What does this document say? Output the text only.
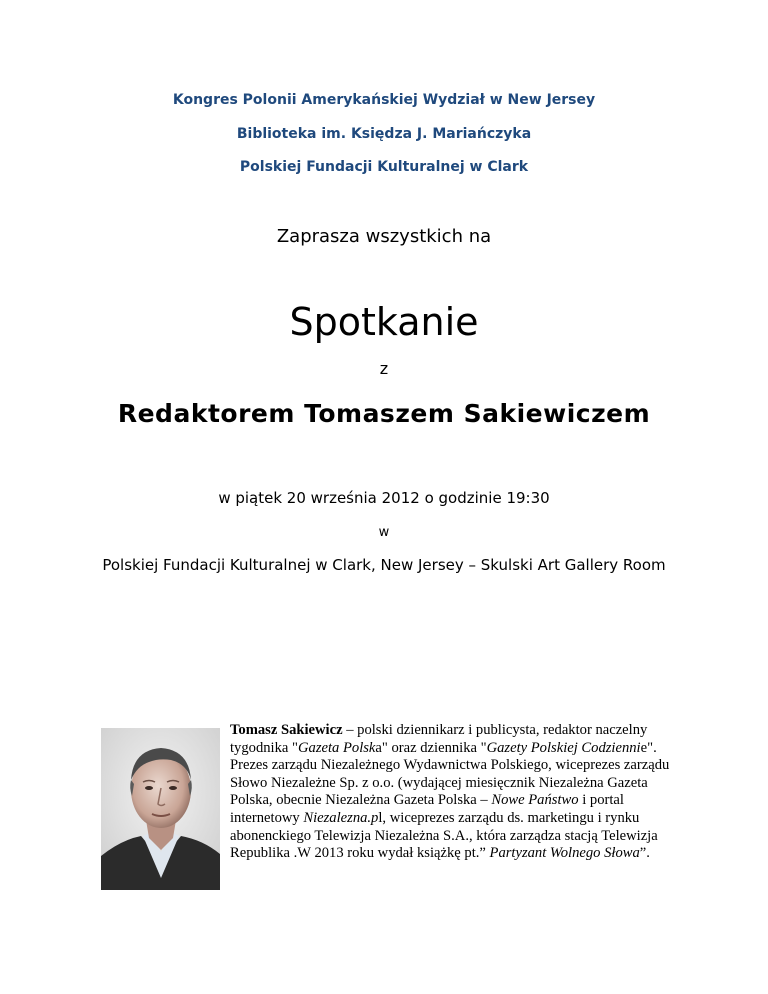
Kongres Polonii Amerykańskiej Wydział w New Jersey
Biblioteka im. Księdza J. Mariańczyka
Polskiej Fundacji Kulturalnej w Clark
Zaprasza wszystkich na
Spotkanie
z
Redaktorem Tomaszem Sakiewiczem
w piątek 20 września 2012 o godzinie 19:30
w
Polskiej Fundacji Kulturalnej w Clark, New Jersey – Skulski Art Gallery Room
Tomasz Sakiewicz – polski dziennikarz i publicysta, redaktor naczelny tygodnika "Gazeta Polska" oraz dziennika "Gazety Polskiej Codziennie". Prezes zarządu Niezależnego Wydawnictwa Polskiego, wiceprezes zarządu Słowo Niezależne Sp. z o.o. (wydającej miesięcznik Niezależna Gazeta Polska, obecnie Niezależna Gazeta Polska – Nowe Państwo i portal internetowy Niezalezna.pl, wiceprezes zarządu ds. marketingu i rynku abonenckiego Telewizja Niezależna S.A., która zarządza stacją Telewizja Republika .W 2013 roku wydał książkę pt.” Partyzant Wolnego Słowa”.
